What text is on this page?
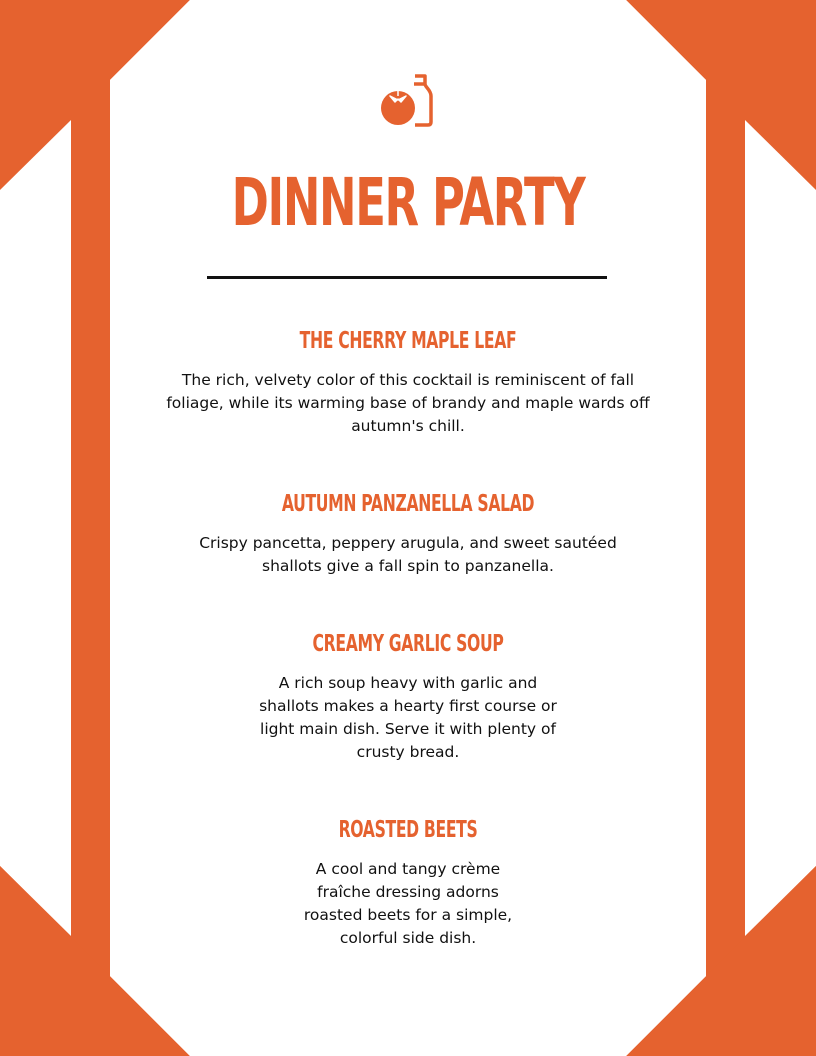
DINNER PARTY
THE CHERRY MAPLE LEAF
The rich, velvety color of this cocktail is reminiscent of fall foliage, while its warming base of brandy and maple wards off autumn's chill.
AUTUMN PANZANELLA SALAD
Crispy pancetta, peppery arugula, and sweet sautéed shallots give a fall spin to panzanella.
CREAMY GARLIC SOUP
A rich soup heavy with garlic and shallots makes a hearty first course or light main dish. Serve it with plenty of crusty bread.
ROASTED BEETS
A cool and tangy crème fraîche dressing adorns roasted beets for a simple, colorful side dish.
